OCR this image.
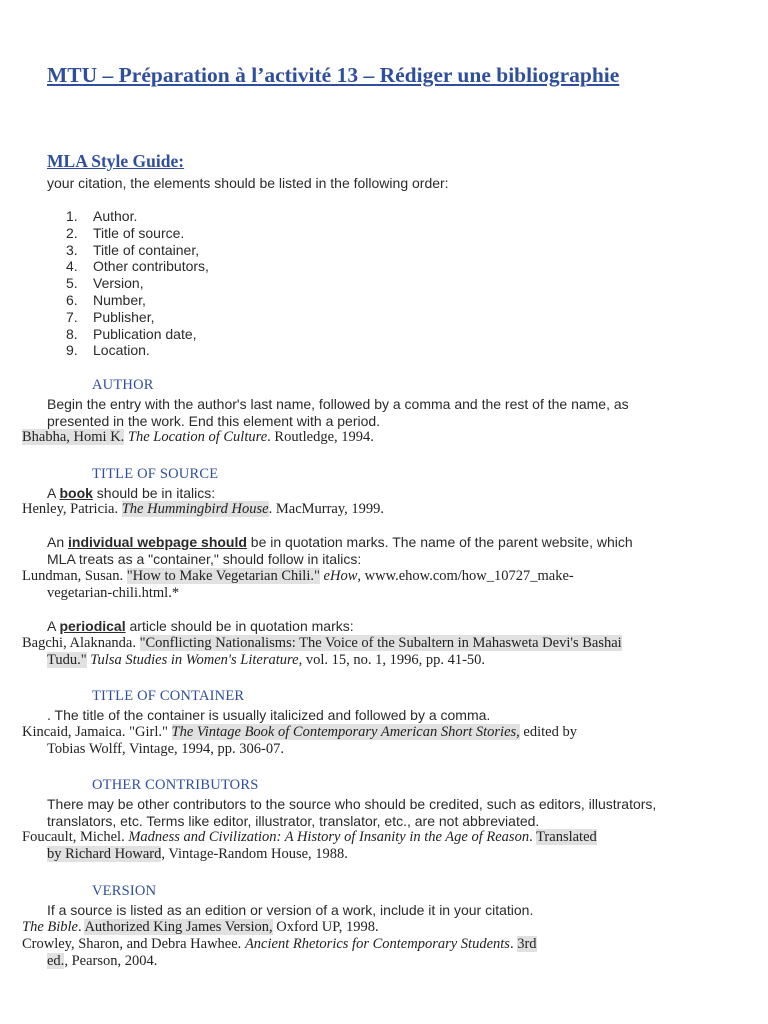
MTU – Préparation à l’activité 13 – Rédiger une bibliographie
MLA Style Guide:
your citation, the elements should be listed in the following order:
1. Author.
2. Title of source.
3. Title of container,
4. Other contributors,
5. Version,
6. Number,
7. Publisher,
8. Publication date,
9. Location.
AUTHOR
Begin the entry with the author's last name, followed by a comma and the rest of the name, as
presented in the work. End this element with a period.
Bhabha, Homi K. The Location of Culture. Routledge, 1994.
TITLE OF SOURCE
A book should be in italics:
Henley, Patricia. The Hummingbird House. MacMurray, 1999.
An individual webpage should be in quotation marks. The name of the parent website, which
MLA treats as a "container," should follow in italics:
Lundman, Susan. "How to Make Vegetarian Chili." eHow, www.ehow.com/how_10727_make-
vegetarian-chili.html.*
A periodical article should be in quotation marks:
Bagchi, Alaknanda. "Conflicting Nationalisms: The Voice of the Subaltern in Mahasweta Devi's Bashai
Tudu." Tulsa Studies in Women's Literature, vol. 15, no. 1, 1996, pp. 41-50.
TITLE OF CONTAINER
. The title of the container is usually italicized and followed by a comma.
Kincaid, Jamaica. "Girl." The Vintage Book of Contemporary American Short Stories, edited by
Tobias Wolff, Vintage, 1994, pp. 306-07.
OTHER CONTRIBUTORS
There may be other contributors to the source who should be credited, such as editors, illustrators,
translators, etc. Terms like editor, illustrator, translator, etc., are not abbreviated.
Foucault, Michel. Madness and Civilization: A History of Insanity in the Age of Reason. Translated
by Richard Howard, Vintage-Random House, 1988.
VERSION
If a source is listed as an edition or version of a work, include it in your citation.
The Bible. Authorized King James Version, Oxford UP, 1998.
Crowley, Sharon, and Debra Hawhee. Ancient Rhetorics for Contemporary Students. 3rd
ed., Pearson, 2004.
